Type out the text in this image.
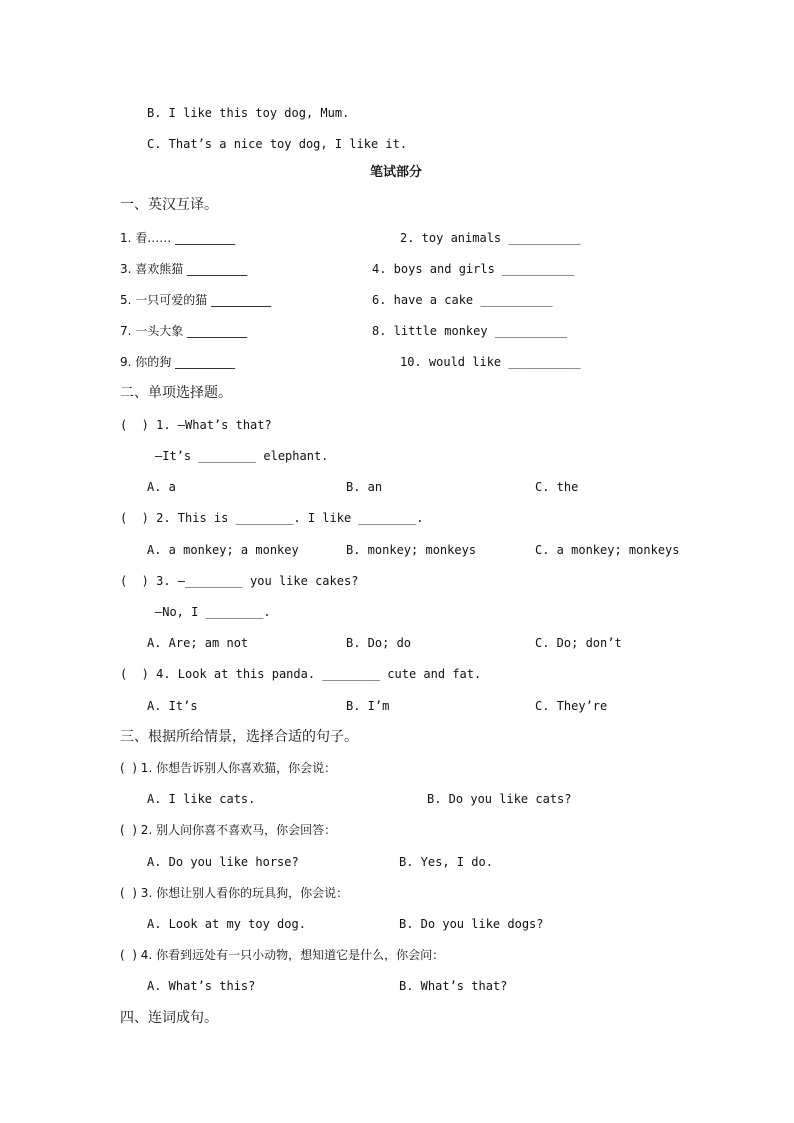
B. I like this toy dog, Mum.
C. That’s a nice toy dog, I like it.
笔试部分
一、英汉互译。
1. 看…… __________	2. toy animals __________
3. 喜欢熊猫 __________	4. boys and girls __________
5. 一只可爱的猫 __________	6. have a cake __________
7. 一头大象 __________	8. little monkey __________
9. 你的狗 __________	10. would like __________
二、单项选择题。
(  ) 1. —What’s that?
—It’s ________ elephant.
A. a	B. an	C. the
(  ) 2. This is ________. I like ________.
A. a monkey; a monkey	B. monkey; monkeys	C. a monkey; monkeys
(  ) 3. —________ you like cakes?
—No, I ________.
A. Are; am not	B. Do; do	C. Do; don’t
(  ) 4. Look at this panda. ________ cute and fat.
A. It’s	B. I’m	C. They’re
三、根据所给情景，选择合适的句子。
(  ) 1. 你想告诉别人你喜欢猫，你会说：
A. I like cats.	B. Do you like cats?
(  ) 2. 别人问你喜不喜欢马，你会回答：
A. Do you like horse?	B. Yes, I do.
(  ) 3. 你想让别人看你的玩具狗，你会说：
A. Look at my toy dog.	B. Do you like dogs?
(  ) 4. 你看到远处有一只小动物，想知道它是什么，你会问：
A. What’s this?	B. What’s that?
四、连词成句。
